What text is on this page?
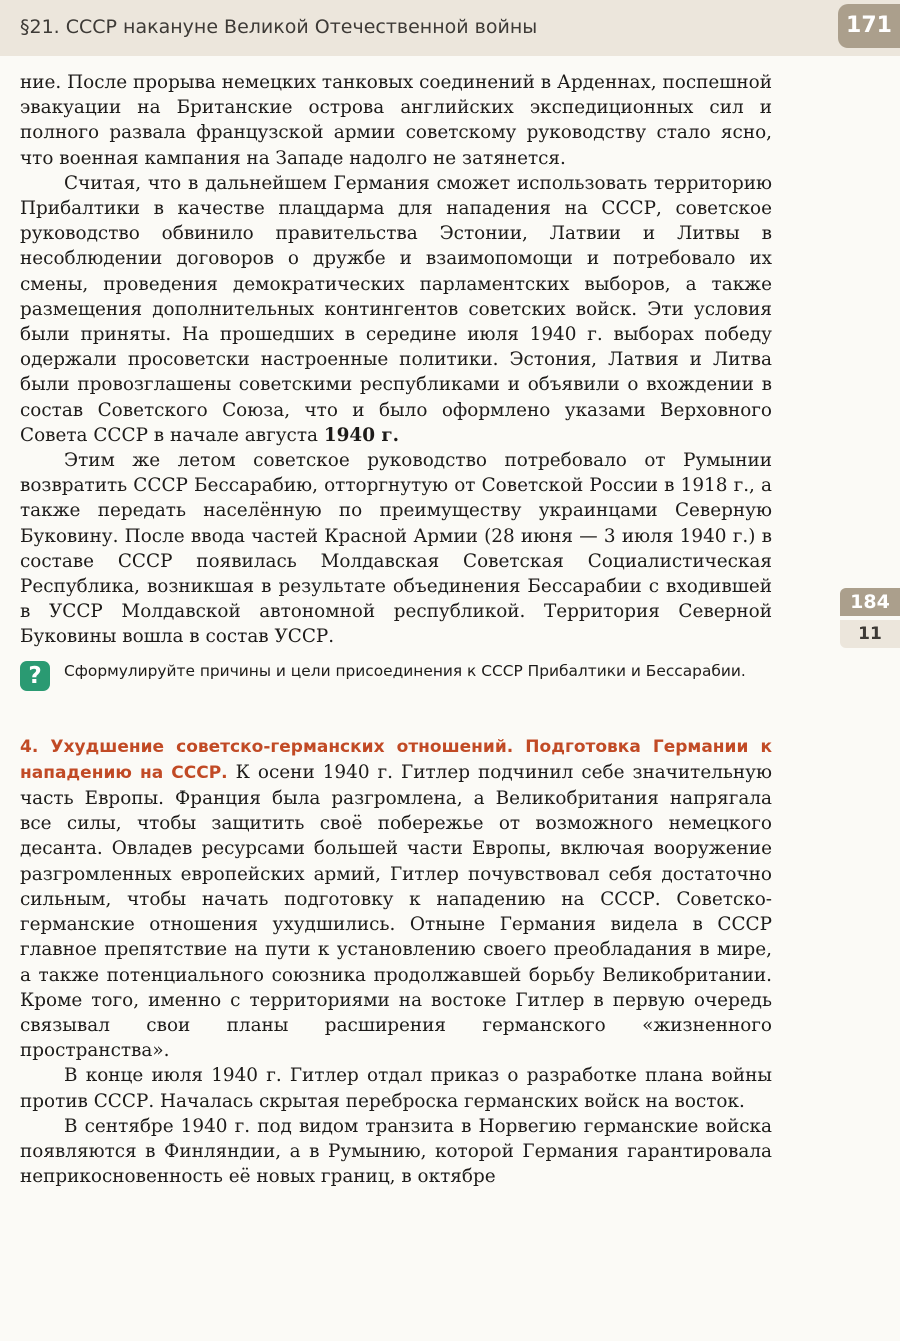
§21. СССР накануне Великой Отечественной войны	171
184
11

ние. После прорыва немецких танковых соединений в Арденнах, поспешной эвакуации на Британские острова английских экспедиционных сил и полного развала французской армии советскому руководству стало ясно, что военная кампания на Западе надолго не затянется.

Считая, что в дальнейшем Германия сможет использовать территорию Прибалтики в качестве плацдарма для нападения на СССР, советское руководство обвинило правительства Эстонии, Латвии и Литвы в несоблюдении договоров о дружбе и взаимопомощи и потребовало их смены, проведения демократических парламентских выборов, а также размещения дополнительных контингентов советских войск. Эти условия были приняты. На прошедших в середине июля 1940 г. выборах победу одержали просоветски настроенные политики. Эстония, Латвия и Литва были провозглашены советскими республиками и объявили о вхождении в состав Советского Союза, что и было оформлено указами Верховного Совета СССР в начале августа 1940 г.

Этим же летом советское руководство потребовало от Румынии возвратить СССР Бессарабию, отторгнутую от Советской России в 1918 г., а также передать населённую по преимуществу украинцами Северную Буковину. После ввода частей Красной Армии (28 июня — 3 июля 1940 г.) в составе СССР появилась Молдавская Советская Социалистическая Республика, возникшая в результате объединения Бессарабии с входившей в УССР Молдавской автономной республикой. Территория Северной Буковины вошла в состав УССР.

?	Сформулируйте причины и цели присоединения к СССР Прибалтики и Бессарабии.

4. Ухудшение советско-германских отношений. Подготовка Германии к нападению на СССР. К осени 1940 г. Гитлер подчинил себе значительную часть Европы. Франция была разгромлена, а Великобритания напрягала все силы, чтобы защитить своё побережье от возможного немецкого десанта. Овладев ресурсами большей части Европы, включая вооружение разгромленных европейских армий, Гитлер почувствовал себя достаточно сильным, чтобы начать подготовку к нападению на СССР. Советско-германские отношения ухудшились. Отныне Германия видела в СССР главное препятствие на пути к установлению своего преобладания в мире, а также потенциального союзника продолжавшей борьбу Великобритании. Кроме того, именно с территориями на востоке Гитлер в первую очередь связывал свои планы расширения германского «жизненного пространства».

В конце июля 1940 г. Гитлер отдал приказ о разработке плана войны против СССР. Началась скрытая переброска германских войск на восток.

В сентябре 1940 г. под видом транзита в Норвегию германские войска появляются в Финляндии, а в Румынию, которой Германия гарантировала неприкосновенность её новых границ, в октябре
